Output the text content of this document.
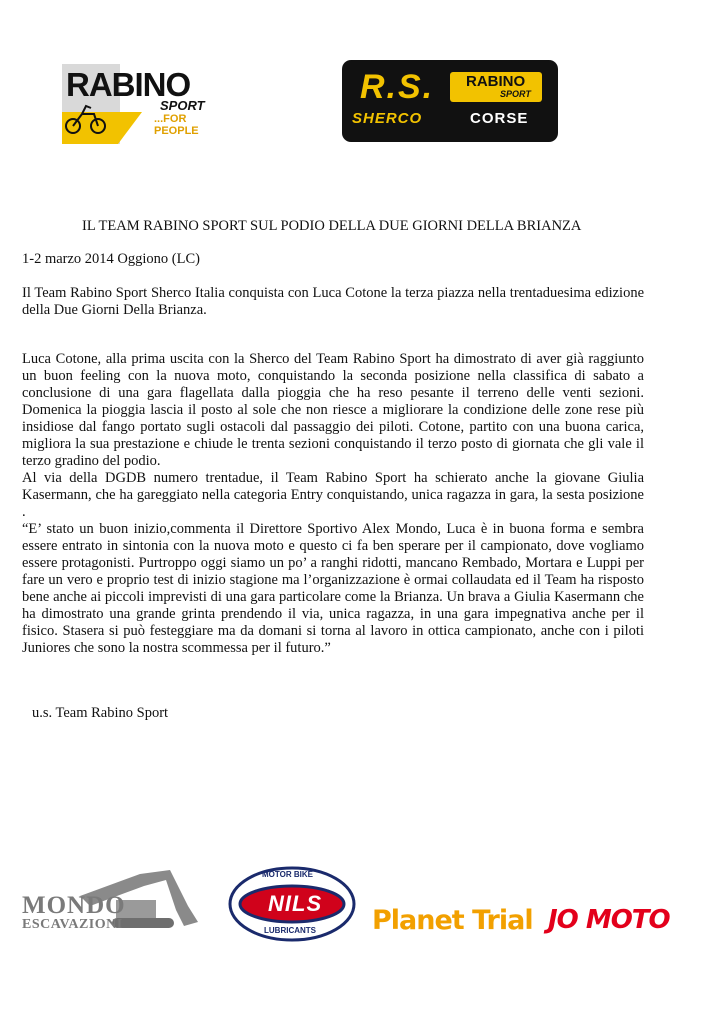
RABINO
SPORT
...FOR PEOPLE
R.S. RABINO
SPORT
SHERCO	CORSE
IL TEAM RABINO SPORT SUL PODIO DELLA DUE GIORNI DELLA BRIANZA
1-2 marzo 2014 Oggiono (LC)

Il Team Rabino Sport Sherco Italia conquista con Luca Cotone la terza piazza nella trentaduesima edizione della Due Giorni Della Brianza.

Luca Cotone, alla prima uscita con la Sherco del Team Rabino Sport ha dimostrato di aver già raggiunto un buon feeling con la nuova moto, conquistando la seconda posizione nella classifica di sabato a conclusione di una gara flagellata dalla pioggia che ha reso pesante il terreno delle venti sezioni. Domenica la pioggia lascia il posto al sole che non riesce a migliorare la condizione delle zone rese più insidiose dal fango portato sugli ostacoli dal passaggio dei piloti. Cotone, partito con una buona carica, migliora la sua prestazione e chiude le trenta sezioni conquistando il terzo posto di giornata che gli vale il terzo gradino del podio.
Al via della DGDB numero trentadue, il Team Rabino Sport ha schierato anche la giovane Giulia Kasermann, che ha gareggiato nella categoria Entry conquistando, unica ragazza in gara, la sesta posizione .
“E’ stato un buon inizio,commenta il Direttore Sportivo Alex Mondo, Luca è in buona forma e sembra essere entrato in sintonia con la nuova moto e questo ci fa ben sperare per il campionato, dove vogliamo essere protagonisti. Purtroppo oggi siamo un po’ a ranghi ridotti, mancano Rembado, Mortara e Luppi per fare un vero e proprio test di inizio stagione ma l’organizzazione è ormai collaudata ed il Team ha risposto bene anche ai piccoli imprevisti di una gara particolare come la Brianza. Un brava a Giulia Kasermann che ha dimostrato una grande grinta prendendo il via, unica ragazza, in una gara impegnativa anche per il fisico. Stasera si può festeggiare ma da domani si torna al lavoro in ottica campionato, anche con i piloti Juniores che sono la nostra scommessa per il futuro.”

u.s. Team Rabino Sport
MONDO
ESCAVAZIONI
MOTOR BIKE
NILS
LUBRICANTS Planet Trial JO MOTO
